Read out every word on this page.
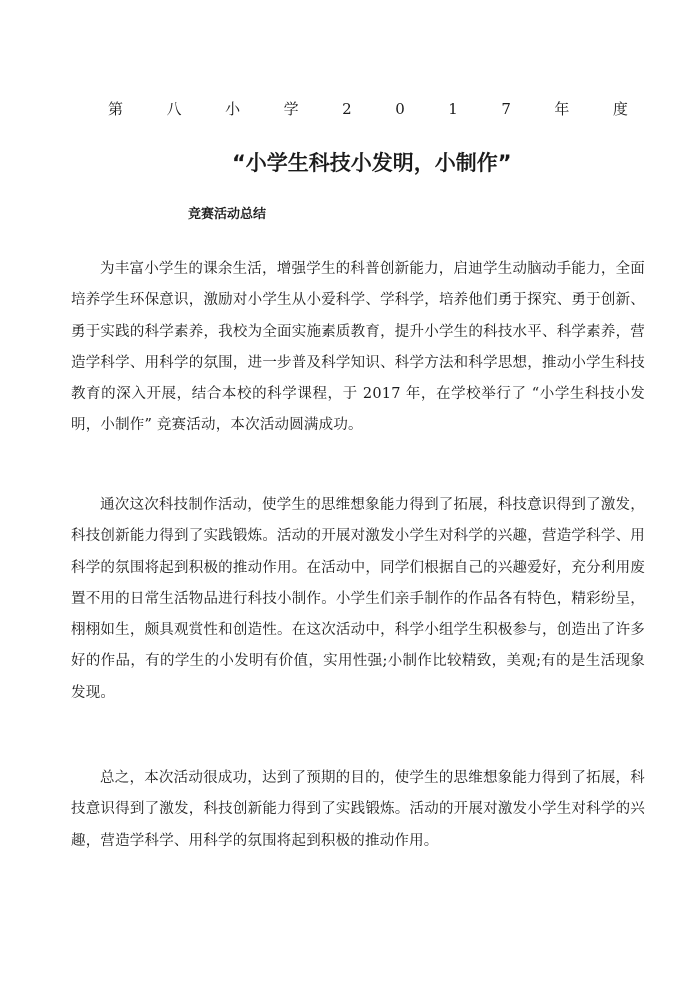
第	八	小	学	2	0	1	7	年	度
“小学生科技小发明，小制作”
竞赛活动总结

为丰富小学生的课余生活，增强学生的科普创新能力，启迪学生动脑动手能力，全面培养学生环保意识，激励对小学生从小爱科学、学科学，培养他们勇于探究、勇于创新、勇于实践的科学素养，我校为全面实施素质教育，提升小学生的科技水平、科学素养，营造学科学、用科学的氛围，进一步普及科学知识、科学方法和科学思想，推动小学生科技教育的深入开展，结合本校的科学课程，于 2017 年，在学校举行了 “小学生科技小发明，小制作” 竞赛活动，本次活动圆满成功。

通次这次科技制作活动，使学生的思维想象能力得到了拓展，科技意识得到了激发，科技创新能力得到了实践锻炼。活动的开展对激发小学生对科学的兴趣，营造学科学、用科学的氛围将起到积极的推动作用。在活动中，同学们根据自己的兴趣爱好，充分利用废置不用的日常生活物品进行科技小制作。小学生们亲手制作的作品各有特色，精彩纷呈，栩栩如生，颇具观赏性和创造性。在这次活动中，科学小组学生积极参与，创造出了许多好的作品，有的学生的小发明有价值，实用性强;小制作比较精致，美观;有的是生活现象发现。

总之，本次活动很成功，达到了预期的目的，使学生的思维想象能力得到了拓展，科技意识得到了激发，科技创新能力得到了实践锻炼。活动的开展对激发小学生对科学的兴趣，营造学科学、用科学的氛围将起到积极的推动作用。
